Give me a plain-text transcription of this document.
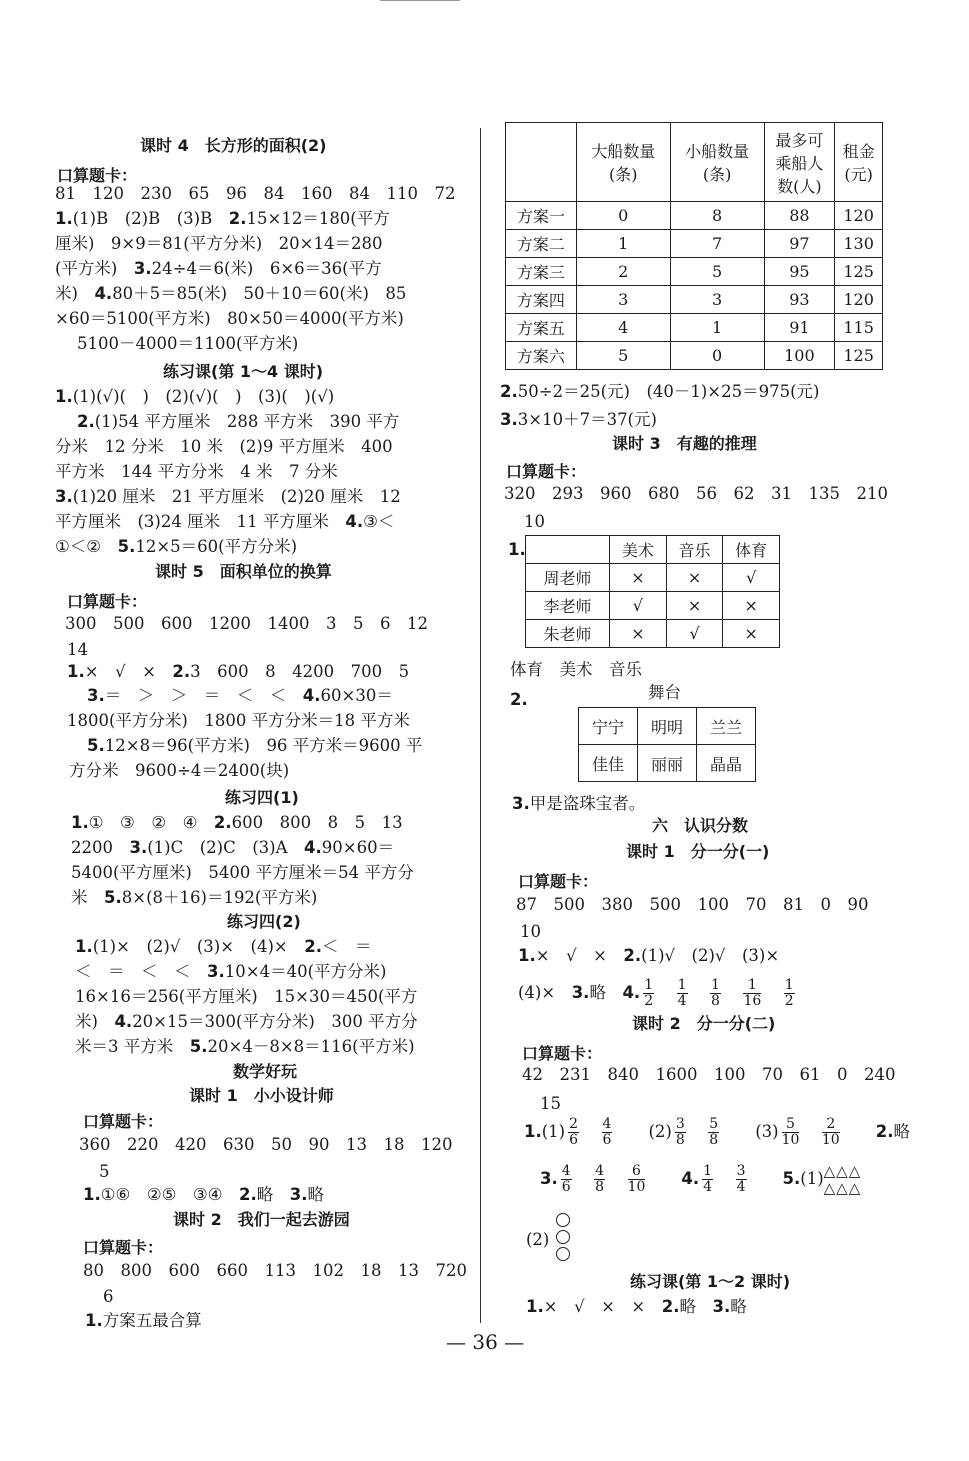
课时 4　长方形的面积(2)
口算题卡：
81　120　230　65　96　84　160　84　110　72
1.(1)B　(2)B　(3)B　2.15×12＝180(平方
厘米)　9×9＝81(平方分米)　20×14＝280
(平方米)　3.24÷4＝6(米)　6×6＝36(平方
米)　4.80＋5＝85(米)　50＋10＝60(米)　85
×60＝5100(平方米)　80×50＝4000(平方米)
5100－4000＝1100(平方米)
练习课(第 1～4 课时)
1.(1)(√)(　)　(2)(√)(　)　(3)(　)(√)
2.(1)54 平方厘米　288 平方米　390 平方
分米　12 分米　10 米　(2)9 平方厘米　400
平方米　144 平方分米　4 米　7 分米
3.(1)20 厘米　21 平方厘米　(2)20 厘米　12
平方厘米　(3)24 厘米　11 平方厘米　4.③＜
①＜②　5.12×5＝60(平方分米)
课时 5　面积单位的换算
口算题卡：
300　500　600　1200　1400　3　5　6　12
14
1.×　√　×　2.3　600　8　4200　700　5
3.＝　＞　＞　＝　＜　＜　4.60×30＝
1800(平方分米)　1800 平方分米＝18 平方米
5.12×8＝96(平方米)　96 平方米＝9600 平
方分米　9600÷4＝2400(块)
练习四(1)
1.①　③　②　④　2.600　800　8　5　13
2200　3.(1)C　(2)C　(3)A　4.90×60＝
5400(平方厘米)　5400 平方厘米＝54 平方分
米　5.8×(8＋16)＝192(平方米)
练习四(2)
1.(1)×　(2)√　(3)×　(4)×　2.＜　＝
＜　＝　＜　＜　3.10×4＝40(平方分米)
16×16＝256(平方厘米)　15×30＝450(平方
米)　4.20×15＝300(平方分米)　300 平方分
米＝3 平方米　5.20×4－8×8＝116(平方米)
数学好玩
课时 1　小小设计师
口算题卡：
360　220　420　630　50　90　13　18　120
5
1.①⑥　②⑤　③④　2.略　3.略
课时 2　我们一起去游园
口算题卡：
80　800　600　660　113　102　18　13　720
6
1.方案五最合算
	大船数量
(条)	小船数量
(条)	最多可
乘船人
数(人)	租金
(元)
方案一	0	8	88	120
方案二	1	7	97	130
方案三	2	5	95	125
方案四	3	3	93	120
方案五	4	1	91	115
方案六	5	0	100	125
2.50÷2＝25(元)　(40－1)×25＝975(元)
3.3×10＋7＝37(元)
课时 3　有趣的推理
口算题卡：
320　293　960　680　56　62　31　135　210
10
1.
		美术	音乐	体育
周老师	×	×	√
李老师	√	×	×
朱老师	×	√	×
体育　美术　音乐
2.	舞台
宁宁	明明	兰兰
佳佳	丽丽	晶晶
3.甲是盗珠宝者。
六　认识分数
课时 1　分一分(一)
口算题卡：
87　500　380　500　100　70　81　0　90
10
1.×　√　×　2.(1)√　(2)√　(3)×
(4)×　3.略　4. $\frac{1}{2}$
  $\frac{1}{4}$
  $\frac{1}{8}$
  $\frac{1}{16}$
  $\frac{1}{2}$

课时 2　分一分(二)
口算题卡：
42　231　840　1600　100　70　61　0　240
15
$1.(1) \frac{2}{6}$
  $\frac{4}{6}$
 　 $(2) \frac{3}{8}$
  $\frac{5}{8}$
 　 $(3) \frac{5}{10}$
  $\frac{2}{10}$
 　 2.略
3. $\frac{4}{6}$
  $\frac{4}{8}$
  $\frac{6}{10}$
 　 4. $\frac{1}{4}$
  $\frac{3}{4}$
 　 5.(1)△△△
△△△
(2)
练习课(第 1～2 课时)
1.×　√　×　×　2.略　3.略
— 36 —
